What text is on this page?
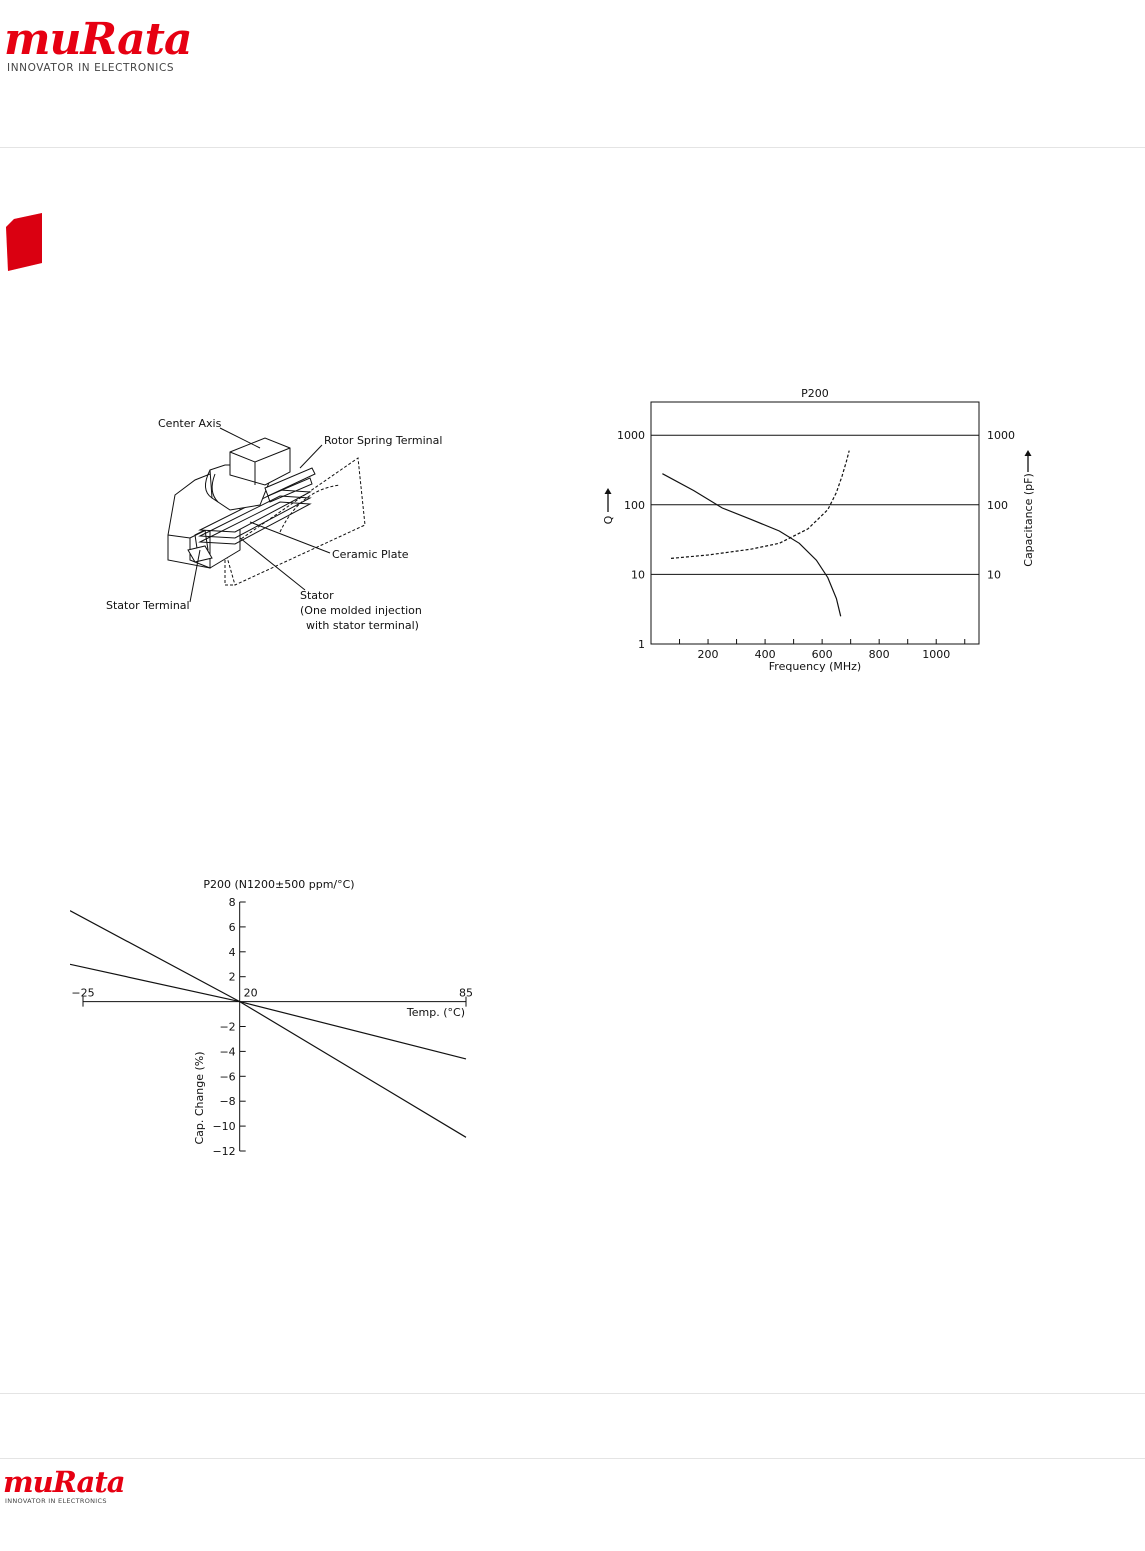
muRata
INNOVATOR IN ELECTRONICS
Center Axis
Rotor Spring Terminal
Ceramic Plate
Stator Terminal
Stator
(One molded injection
with stator terminal)
P200
1
10
100
1000
10
100
1000
200	400	600	800	1000
Frequency (MHz)
Q	Capacitance (pF)
P200 (N1200±500 ppm/°C)
8
6
4
2
−2
−4
−6
−8
−10
−12
−25	20	85
Temp. (°C)
Cap. Change (%)
muRata
INNOVATOR IN ELECTRONICS
